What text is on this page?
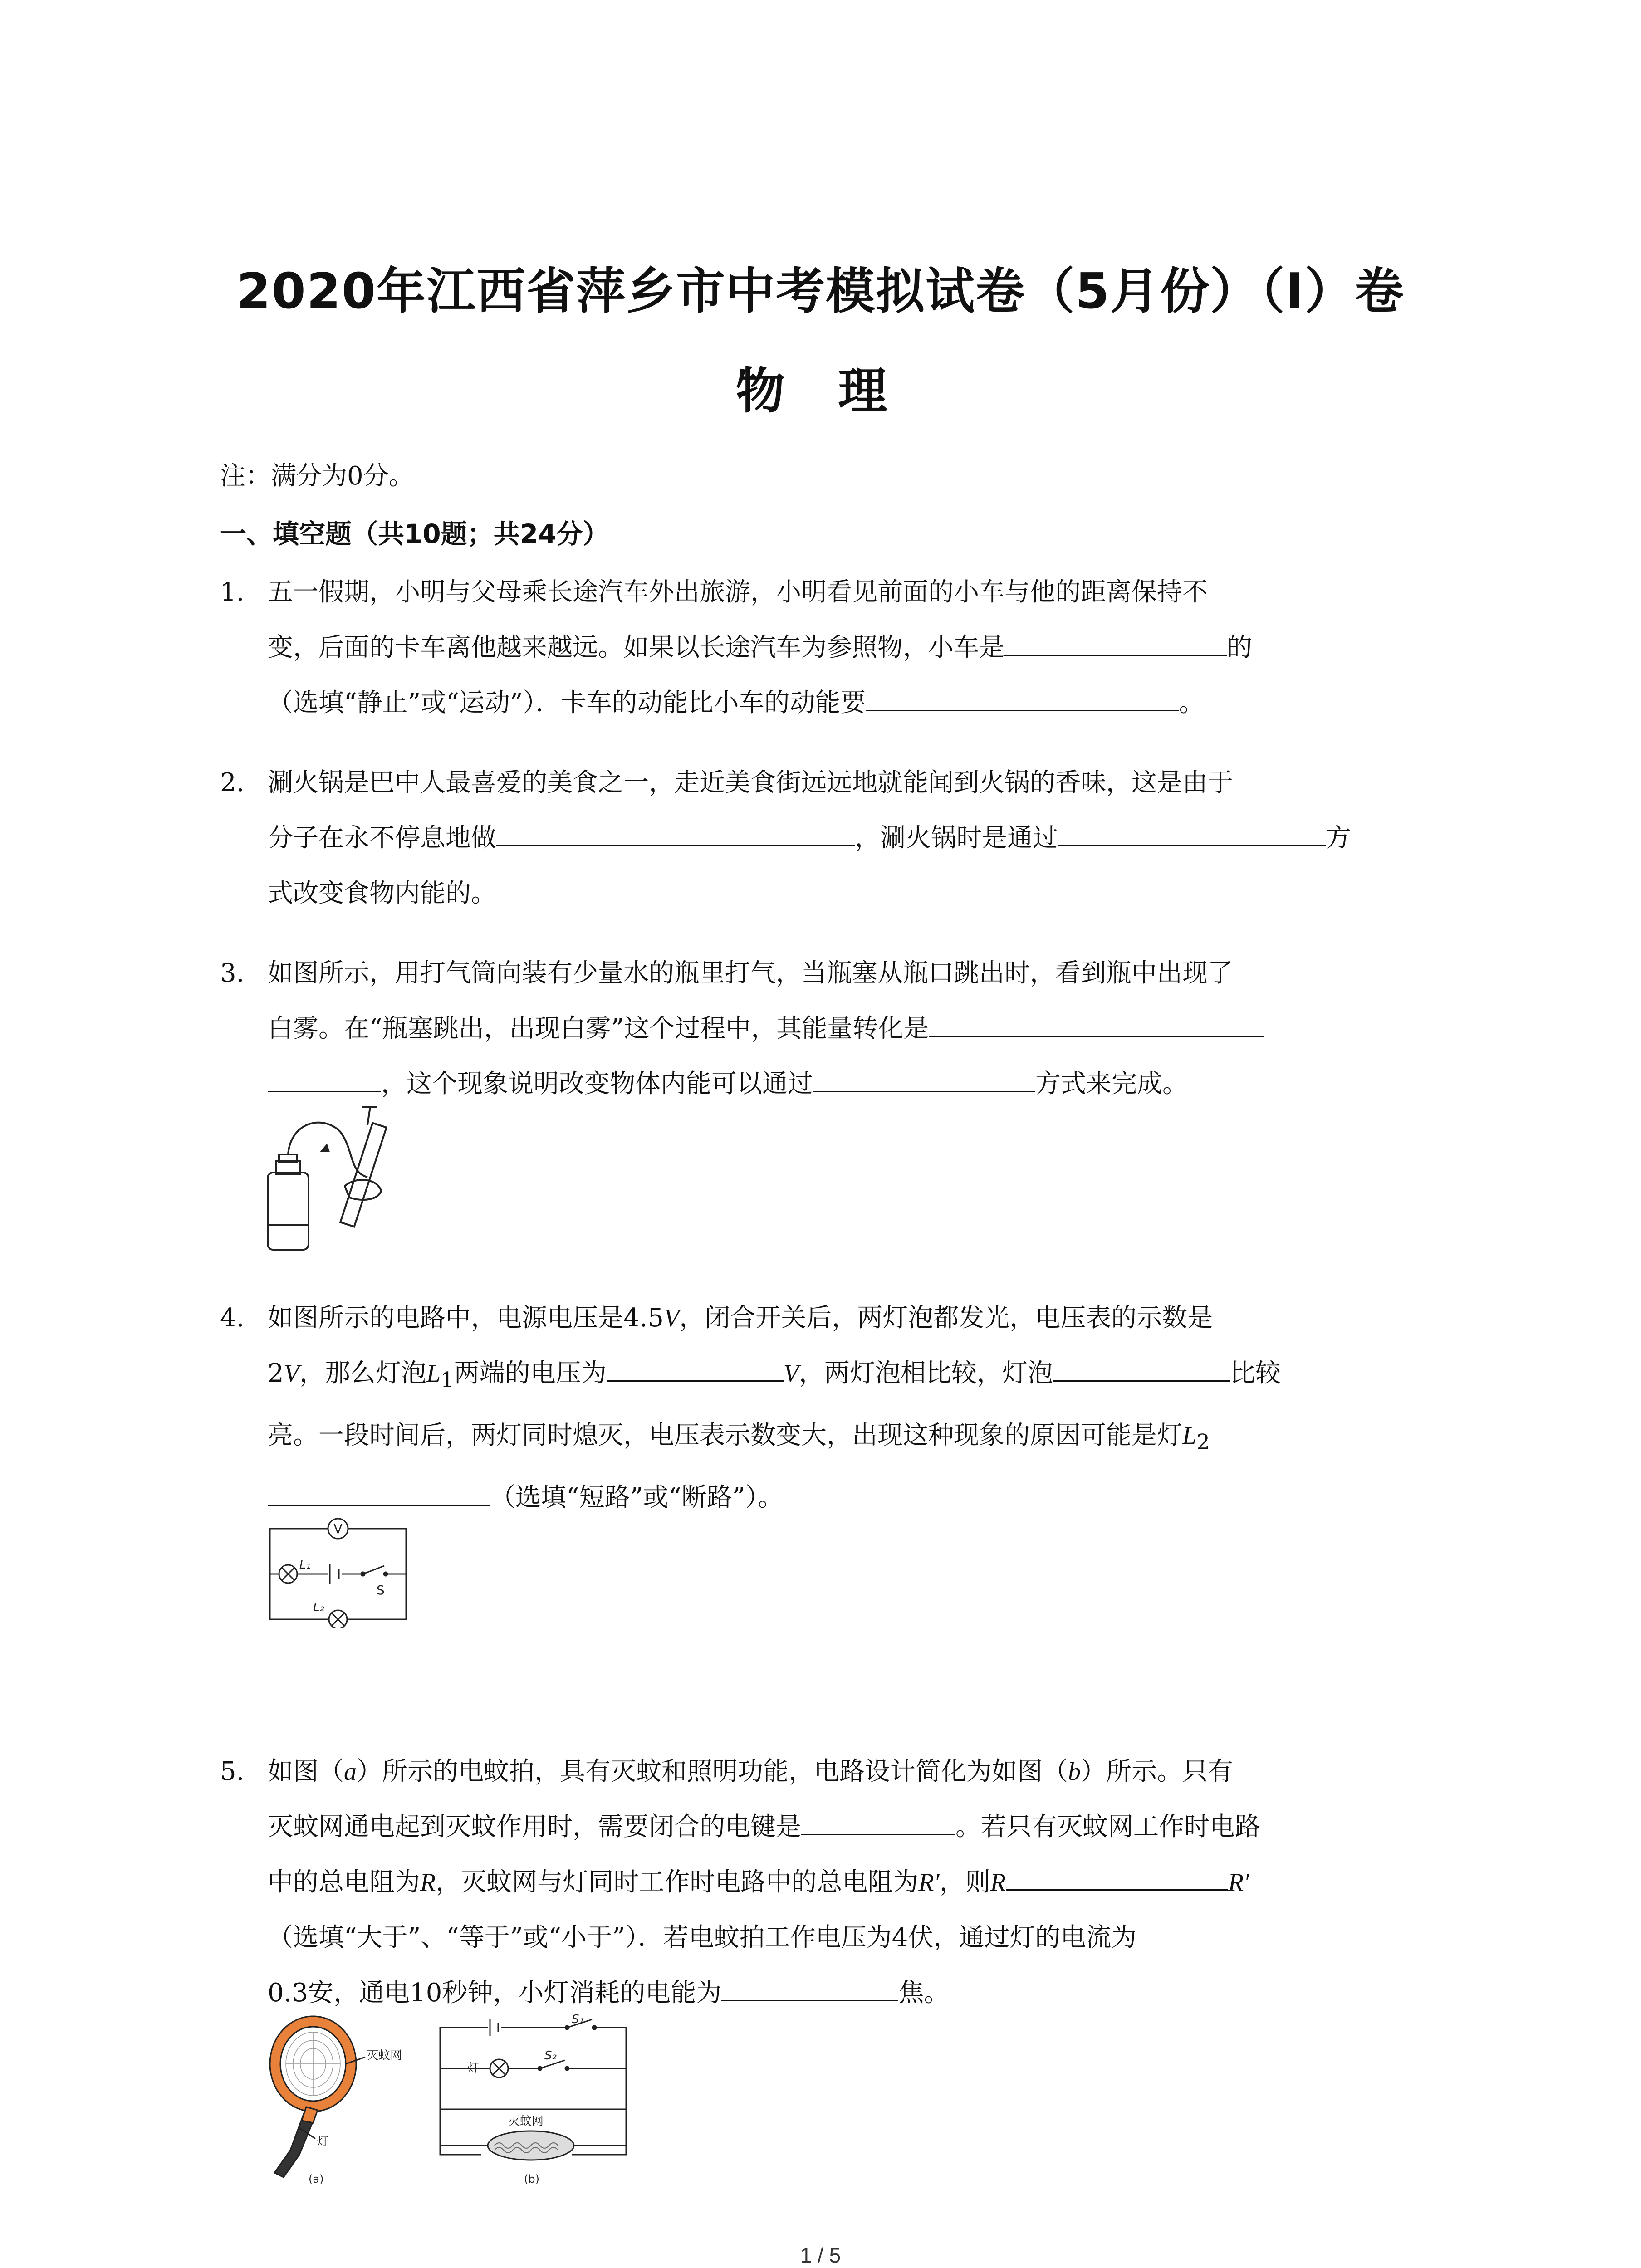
2020年江西省萍乡市中考模拟试卷（5月份）（I）卷
物 理
注：满分为0分。
一、填空题（共10题；共24分）
1. 五一假期，小明与父母乘长途汽车外出旅游，小明看见前面的小车与他的距离保持不
变，后面的卡车离他越来越远。如果以长途汽车为参照物，小车是	的
（选填“静止”或“运动”）．卡车的动能比小车的动能要	。
2. 涮火锅是巴中人最喜爱的美食之一，走近美食街远远地就能闻到火锅的香味，这是由于
分子在永不停息地做	，涮火锅时是通过	方
式改变食物内能的。
3. 如图所示，用打气筒向装有少量水的瓶里打气，当瓶塞从瓶口跳出时，看到瓶中出现了
白雾。在“瓶塞跳出，出现白雾”这个过程中，其能量转化是
，这个现象说明改变物体内能可以通过	方式来完成。
4. 如图所示的电路中，电源电压是4.5V，闭合开关后，两灯泡都发光，电压表的示数是
2V，那么灯泡$L_1$两端的电压为	V，两灯泡相比较，灯泡	比较
亮。一段时间后，两灯同时熄灭，电压表示数变大，出现这种现象的原因可能是灯$L_2$
（选填“短路”或“断路”）。
V
L₁
L₂
S
5. 如图（a）所示的电蚊拍，具有灭蚊和照明功能，电路设计简化为如图（b）所示。只有
灭蚊网通电起到灭蚊作用时，需要闭合的电键是	。若只有灭蚊网工作时电路
中的总电阻为R，灭蚊网与灯同时工作时电路中的总电阻为R′，则R	R′
（选填“大于”、“等于”或“小于”）．若电蚊拍工作电压为4伏，通过灯的电流为
0.3安，通电10秒钟，小灯消耗的电能为	焦。
灭蚊网
灯
(a)
S₁
S₂
灯
灭蚊网
(b)
1 / 5
